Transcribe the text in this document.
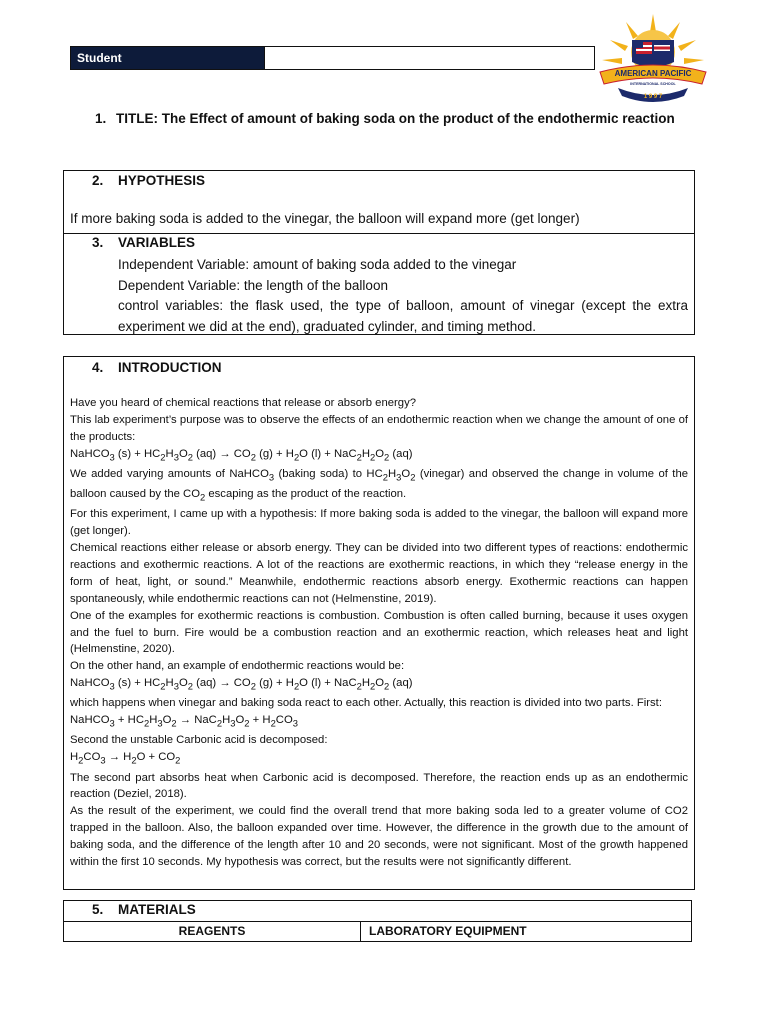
Student
AMERICAN PACIFIC
INTERNATIONAL SCHOOL
1 9 9 7
1. TITLE: The Effect of amount of baking soda on the product of the endothermic reaction
2. HYPOTHESIS
If more baking soda is added to the vinegar, the balloon will expand more (get longer)
3. VARIABLES
Independent Variable: amount of baking soda added to the vinegar
Dependent Variable: the length of the balloon
control variables: the flask used, the type of balloon, amount of vinegar (except the extra experiment we did at the end), graduated cylinder, and timing method.
4. INTRODUCTION

Have you heard of chemical reactions that release or absorb energy?

This lab experiment’s purpose was to observe the effects of an endothermic reaction when we change the amount of one of the products:

NaHCO$_3$ $(s) + HC_2H_3O_2$ $(aq) \to CO_2$ $(g) + H_2O$ $(l) + NaC_2H_2O_2$ (aq)

We added varying amounts of NaHCO$_3$ (baking soda) to $HC_2H_3O_2$ (vinegar) and observed the change in volume of the balloon caused by the $CO_2$ escaping as the product of the reaction.

For this experiment, I came up with a hypothesis: If more baking soda is added to the vinegar, the balloon will expand more (get longer).

Chemical reactions either release or absorb energy. They can be divided into two different types of reactions: endothermic reactions and exothermic reactions. A lot of the reactions are exothermic reactions, in which they “release energy in the form of heat, light, or sound.” Meanwhile, endothermic reactions absorb energy. Exothermic reactions can happen spontaneously, while endothermic reactions can not (Helmenstine, 2019).

One of the examples for exothermic reactions is combustion. Combustion is often called burning, because it uses oxygen and the fuel to burn. Fire would be a combustion reaction and an exothermic reaction, which releases heat and light (Helmenstine, 2020).

On the other hand, an example of endothermic reactions would be:

NaHCO$_3$ $(s) + HC_2H_3O_2$ $(aq) \to CO_2$ $(g) + H_2O$ $(l) + NaC_2H_2O_2$ (aq)

which happens when vinegar and baking soda react to each other. Actually, this reaction is divided into two parts. First:

NaHCO$_3$ + $HC_2H_3O_2 \to NaC_2H_3O_2 + H_2CO_3$

Second the unstable Carbonic acid is decomposed:

$H_2CO_3 \to H_2O + CO_2$

The second part absorbs heat when Carbonic acid is decomposed. Therefore, the reaction ends up as an endothermic reaction (Deziel, 2018).

As the result of the experiment, we could find the overall trend that more baking soda led to a greater volume of CO2 trapped in the balloon. Also, the balloon expanded over time. However, the difference in the growth due to the amount of baking soda, and the difference of the length after 10 and 20 seconds, were not significant. Most of the growth happened within the first 10 seconds. My hypothesis was correct, but the results were not significantly different.

5. MATERIALS
REAGENTS	LABORATORY EQUIPMENT
